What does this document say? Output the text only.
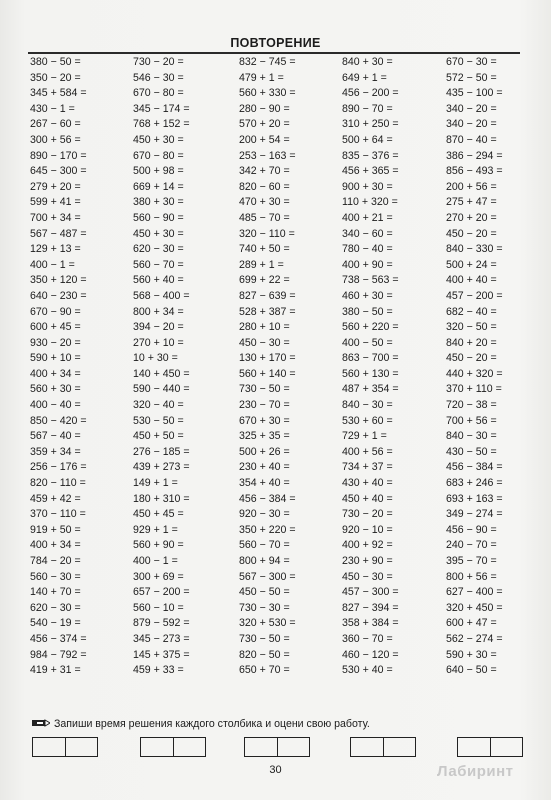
ПОВТОРЕНИЕ
380 − 50 =
350 − 20 =
345 + 584 =
430 − 1 =
267 − 60 =
300 + 56 =
890 − 170 =
645 − 300 =
279 + 20 =
599 + 41 =
700 + 34 =
567 − 487 =
129 + 13 =
400 − 1 =
350 + 120 =
640 − 230 =
670 − 90 =
600 + 45 =
930 − 20 =
590 + 10 =
400 + 34 =
560 + 30 =
400 − 40 =
850 − 420 =
567 − 40 =
359 + 34 =
256 − 176 =
820 − 110 =
459 + 42 =
370 − 110 =
919 + 50 =
400 + 34 =
784 − 20 =
560 − 30 =
140 + 70 =
620 − 30 =
540 − 19 =
456 − 374 =
984 − 792 =
419 + 31 =
730 − 20 =
546 − 30 =
670 − 80 =
345 − 174 =
768 + 152 =
450 + 30 =
670 − 80 =
500 + 98 =
669 + 14 =
380 + 30 =
560 − 90 =
450 + 30 =
620 − 30 =
560 − 70 =
560 + 40 =
568 − 400 =
800 + 34 =
394 − 20 =
270 + 10 =
10 + 30 =
140 + 450 =
590 − 440 =
320 − 40 =
530 − 50 =
450 + 50 =
276 − 185 =
439 + 273 =
149 + 1 =
180 + 310 =
450 + 45 =
929 + 1 =
560 + 90 =
400 − 1 =
300 + 69 =
657 − 200 =
560 − 10 =
879 − 592 =
345 − 273 =
145 + 375 =
459 + 33 =
832 − 745 =
479 + 1 =
560 + 330 =
280 − 90 =
570 + 20 =
200 + 54 =
253 − 163 =
342 + 70 =
820 − 60 =
470 + 30 =
485 − 70 =
320 − 110 =
740 + 50 =
289 + 1 =
699 + 22 =
827 − 639 =
528 + 387 =
280 + 10 =
450 − 30 =
130 + 170 =
560 + 140 =
730 − 50 =
230 − 70 =
670 + 30 =
325 + 35 =
500 + 26 =
230 + 40 =
354 + 40 =
456 − 384 =
920 − 30 =
350 + 220 =
560 − 70 =
800 + 94 =
567 − 300 =
450 − 50 =
730 − 30 =
320 + 530 =
730 − 50 =
820 − 50 =
650 + 70 =
840 + 30 =
649 + 1 =
456 − 200 =
890 − 70 =
310 + 250 =
500 + 64 =
835 − 376 =
456 + 365 =
900 + 30 =
110 + 320 =
400 + 21 =
340 − 60 =
780 − 40 =
400 + 90 =
738 − 563 =
460 + 30 =
380 − 50 =
560 + 220 =
400 − 50 =
863 − 700 =
560 + 130 =
487 + 354 =
840 − 30 =
530 + 60 =
729 + 1 =
400 + 56 =
734 + 37 =
430 + 40 =
450 + 40 =
730 − 20 =
920 − 10 =
400 + 92 =
230 + 90 =
450 − 30 =
457 − 300 =
827 − 394 =
358 + 384 =
360 − 70 =
460 − 120 =
530 + 40 =
670 − 30 =
572 − 50 =
435 − 100 =
340 − 20 =
340 − 20 =
870 − 40 =
386 − 294 =
856 − 493 =
200 + 56 =
275 + 47 =
270 + 20 =
450 − 20 =
840 − 330 =
500 + 24 =
400 + 40 =
457 − 200 =
682 − 40 =
320 − 50 =
840 + 20 =
450 − 20 =
440 + 320 =
370 + 110 =
720 − 38 =
700 + 56 =
840 − 30 =
430 − 50 =
456 − 384 =
683 + 246 =
693 + 163 =
349 − 274 =
456 − 90 =
240 − 70 =
395 − 70 =
800 + 56 =
627 − 400 =
320 + 450 =
600 + 47 =
562 − 274 =
590 + 30 =
640 − 50 =
Запиши время решения каждого столбика и оцени свою работу.
30	Лабиринт
